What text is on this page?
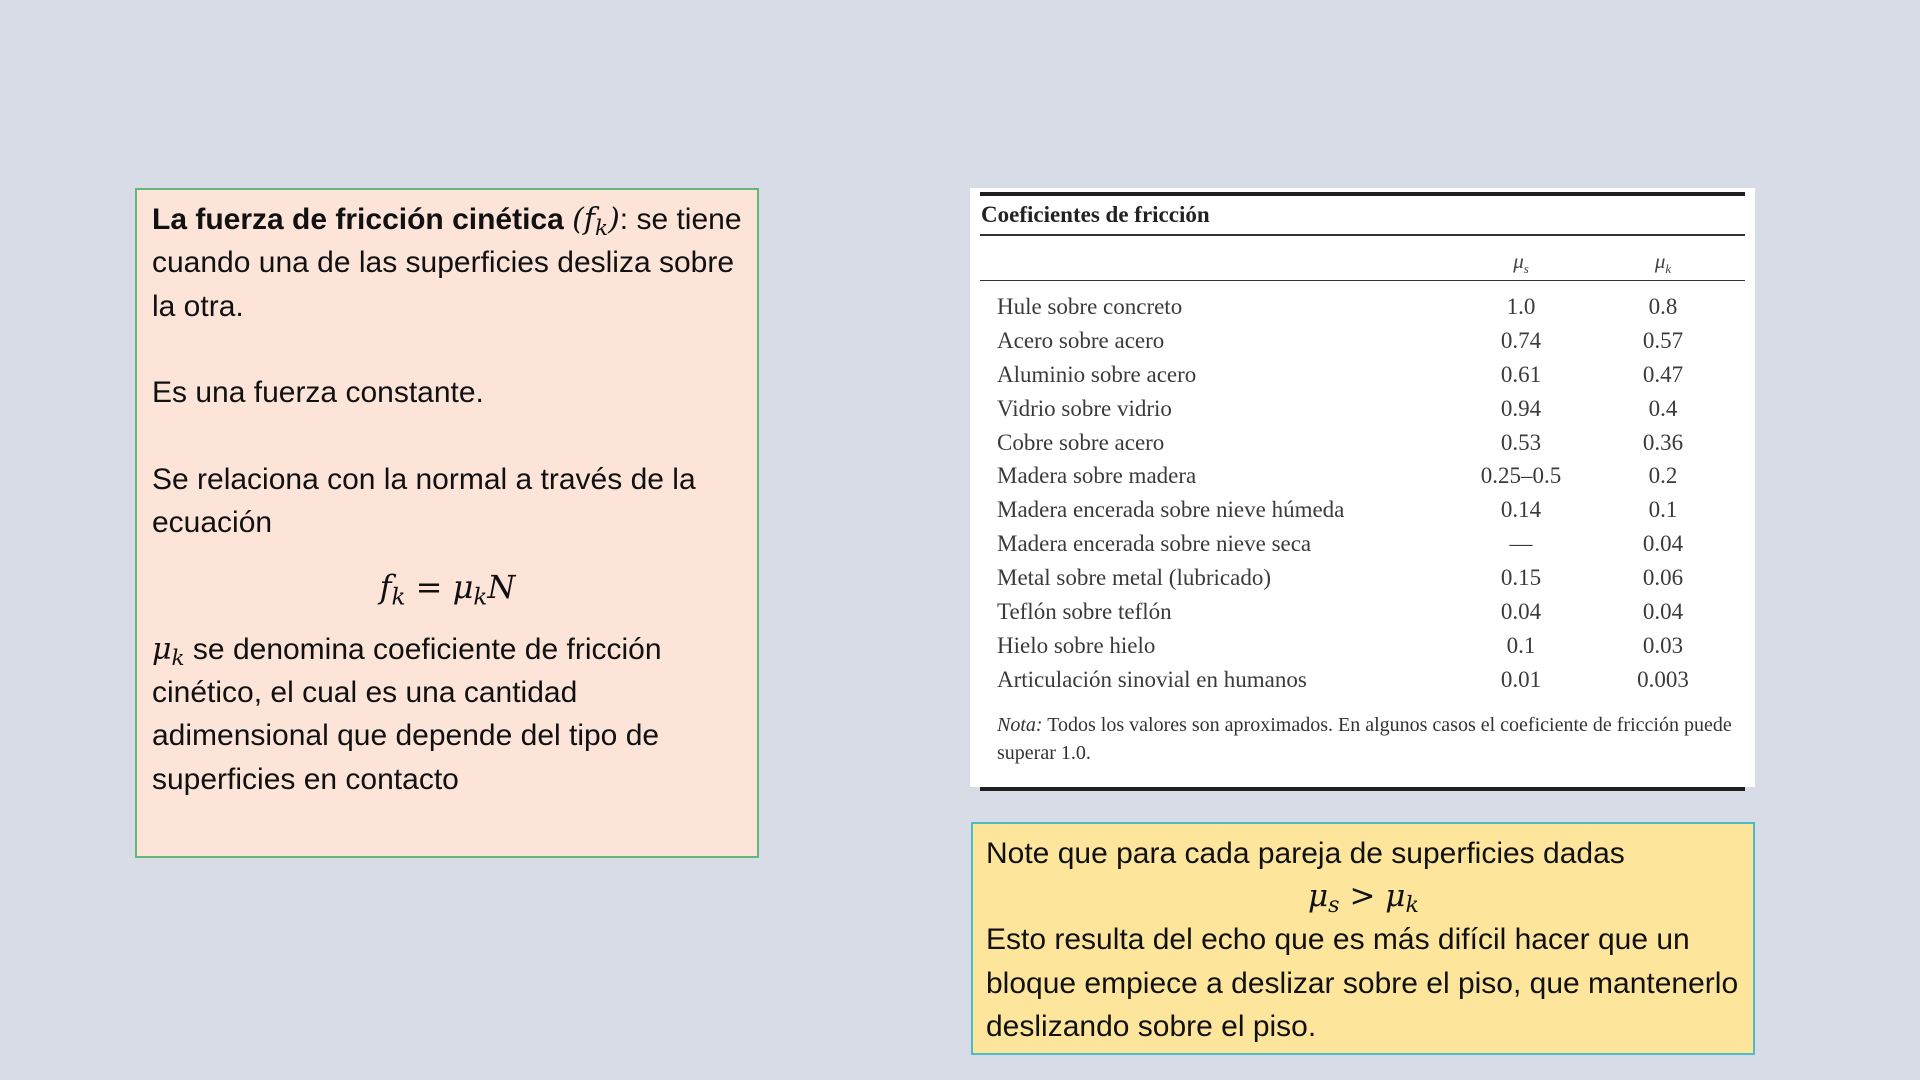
La fuerza de fricción cinética $(f_k)$: se tiene cuando una de las superficies desliza sobre la otra.

Es una fuerza constante.

Se relaciona con la normal a través de la ecuación

$f_k = \mu_kN$

$\mu_k$ se denomina coeficiente de fricción cinético, el cual es una cantidad adimensional que depende del tipo de superficies en contacto

Coeficientes de fricción
$\mu_s$	$\mu_k$
Hule sobre concreto	1.0	0.8
Acero sobre acero	0.74	0.57
Aluminio sobre acero	0.61	0.47
Vidrio sobre vidrio	0.94	0.4
Cobre sobre acero	0.53	0.36
Madera sobre madera	0.25–0.5	0.2
Madera encerada sobre nieve húmeda	0.14	0.1
Madera encerada sobre nieve seca	—	0.04
Metal sobre metal (lubricado)	0.15	0.06
Teflón sobre teflón	0.04	0.04
Hielo sobre hielo	0.1	0.03
Articulación sinovial en humanos	0.01	0.003
Nota: Todos los valores son aproximados. En algunos casos el coeficiente de fricción puede superar 1.0.

Note que para cada pareja de superficies dadas

$\mu_s > \mu_k$

Esto resulta del echo que es más difícil hacer que un bloque empiece a deslizar sobre el piso, que mantenerlo deslizando sobre el piso.
